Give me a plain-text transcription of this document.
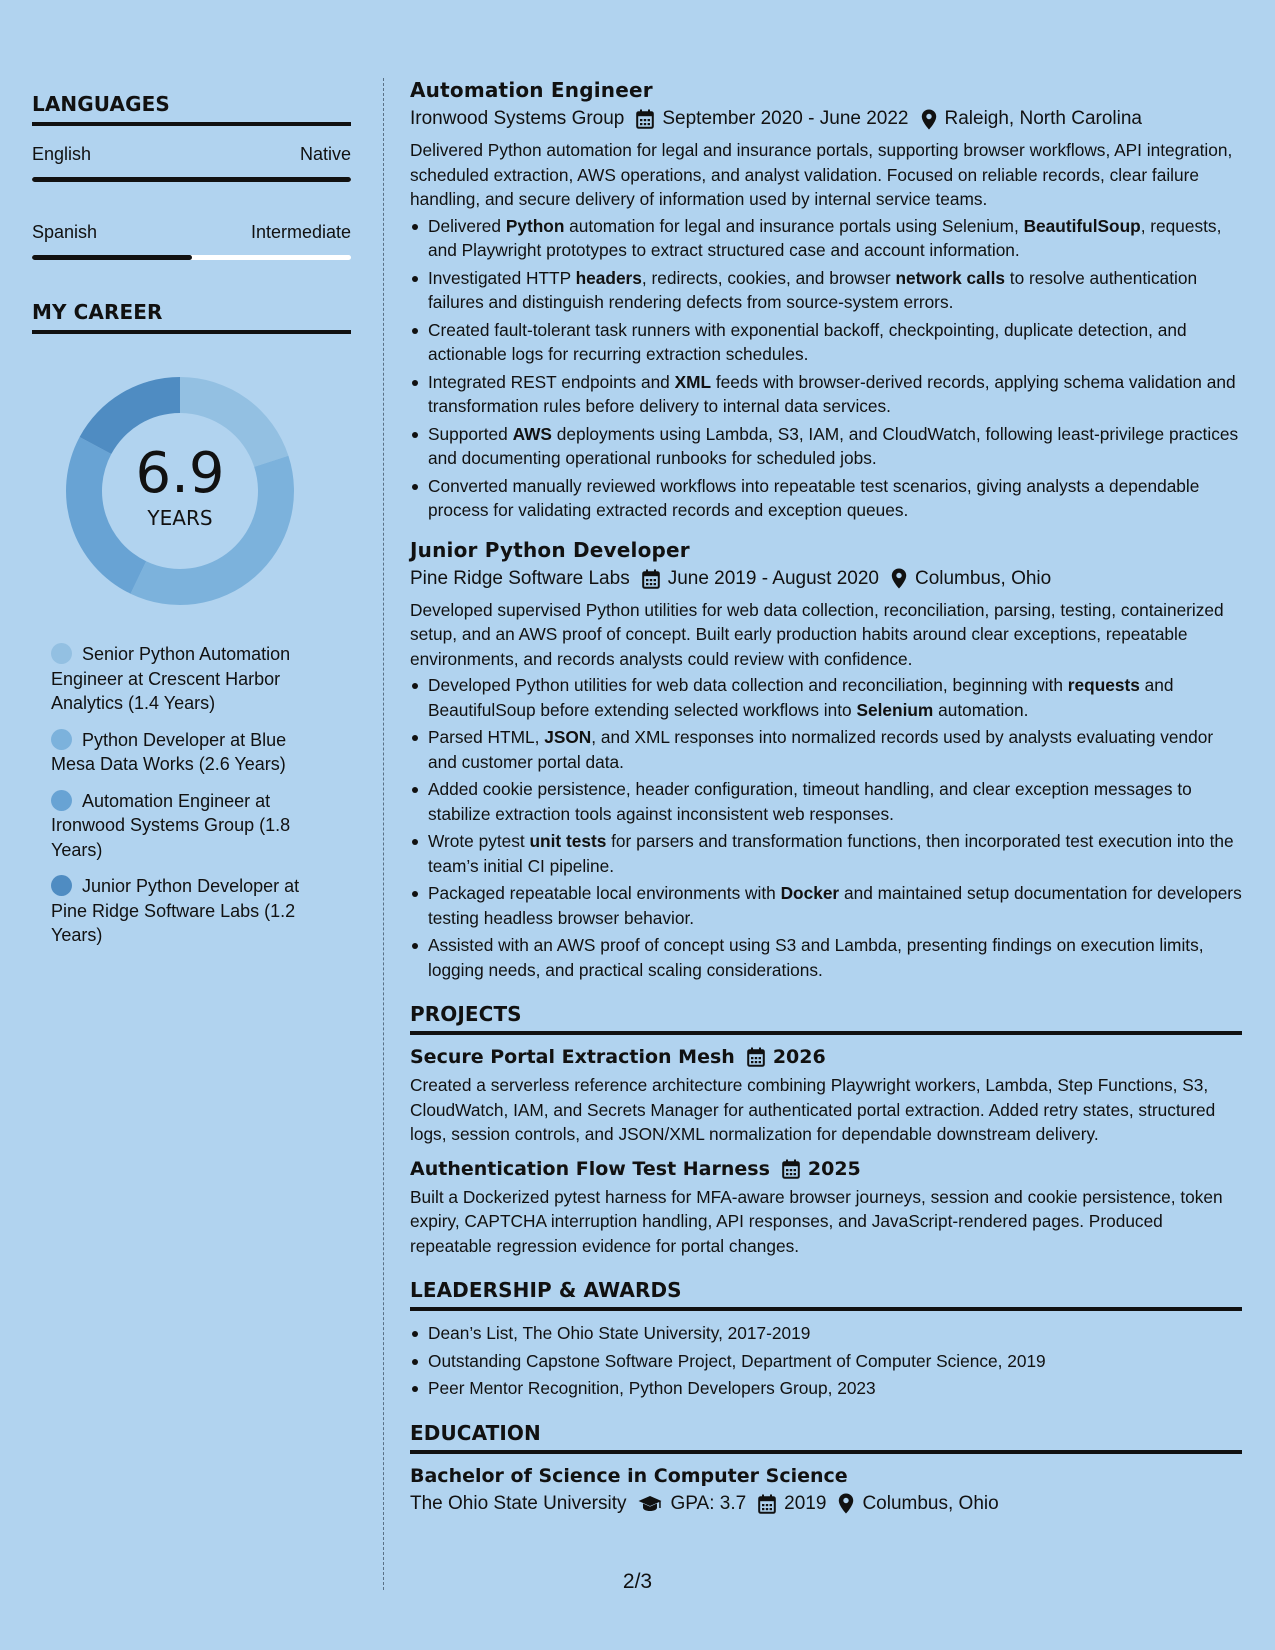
LANGUAGES
English	Native
Spanish	Intermediate
MY CAREER
6.9
YEARS
Senior Python Automation Engineer at Crescent Harbor Analytics (1.4 Years)
Python Developer at Blue Mesa Data Works (2.6 Years)
Automation Engineer at Ironwood Systems Group (1.8 Years)
Junior Python Developer at Pine Ridge Software Labs (1.2 Years)
Automation Engineer
Ironwood Systems Group September 2020 - June 2022 Raleigh, North Carolina

Delivered Python automation for legal and insurance portals, supporting browser workflows, API integration, scheduled extraction, AWS operations, and analyst validation. Focused on reliable records, clear failure handling, and secure delivery of information used by internal service teams.

Delivered Python automation for legal and insurance portals using Selenium, BeautifulSoup, requests, and Playwright prototypes to extract structured case and account information.
Investigated HTTP headers, redirects, cookies, and browser network calls to resolve authentication failures and distinguish rendering defects from source-system errors.
Created fault-tolerant task runners with exponential backoff, checkpointing, duplicate detection, and actionable logs for recurring extraction schedules.
Integrated REST endpoints and XML feeds with browser-derived records, applying schema validation and transformation rules before delivery to internal data services.
Supported AWS deployments using Lambda, S3, IAM, and CloudWatch, following least-privilege practices and documenting operational runbooks for scheduled jobs.
Converted manually reviewed workflows into repeatable test scenarios, giving analysts a dependable process for validating extracted records and exception queues.
Junior Python Developer
Pine Ridge Software Labs June 2019 - August 2020 Columbus, Ohio

Developed supervised Python utilities for web data collection, reconciliation, parsing, testing, containerized setup, and an AWS proof of concept. Built early production habits around clear exceptions, repeatable environments, and records analysts could review with confidence.

Developed Python utilities for web data collection and reconciliation, beginning with requests and BeautifulSoup before extending selected workflows into Selenium automation.
Parsed HTML, JSON, and XML responses into normalized records used by analysts evaluating vendor and customer portal data.
Added cookie persistence, header configuration, timeout handling, and clear exception messages to stabilize extraction tools against inconsistent web responses.
Wrote pytest unit tests for parsers and transformation functions, then incorporated test execution into the team’s initial CI pipeline.
Packaged repeatable local environments with Docker and maintained setup documentation for developers testing headless browser behavior.
Assisted with an AWS proof of concept using S3 and Lambda, presenting findings on execution limits, logging needs, and practical scaling considerations.
PROJECTS
Secure Portal Extraction Mesh 2026

Created a serverless reference architecture combining Playwright workers, Lambda, Step Functions, S3, CloudWatch, IAM, and Secrets Manager for authenticated portal extraction. Added retry states, structured logs, session controls, and JSON/XML normalization for dependable downstream delivery.

Authentication Flow Test Harness 2025

Built a Dockerized pytest harness for MFA-aware browser journeys, session and cookie persistence, token expiry, CAPTCHA interruption handling, API responses, and JavaScript-rendered pages. Produced repeatable regression evidence for portal changes.

LEADERSHIP & AWARDS
Dean’s List, The Ohio State University, 2017-2019
Outstanding Capstone Software Project, Department of Computer Science, 2019
Peer Mentor Recognition, Python Developers Group, 2023
EDUCATION
Bachelor of Science in Computer Science
The Ohio State University GPA: 3.7 2019 Columbus, Ohio
2/3
